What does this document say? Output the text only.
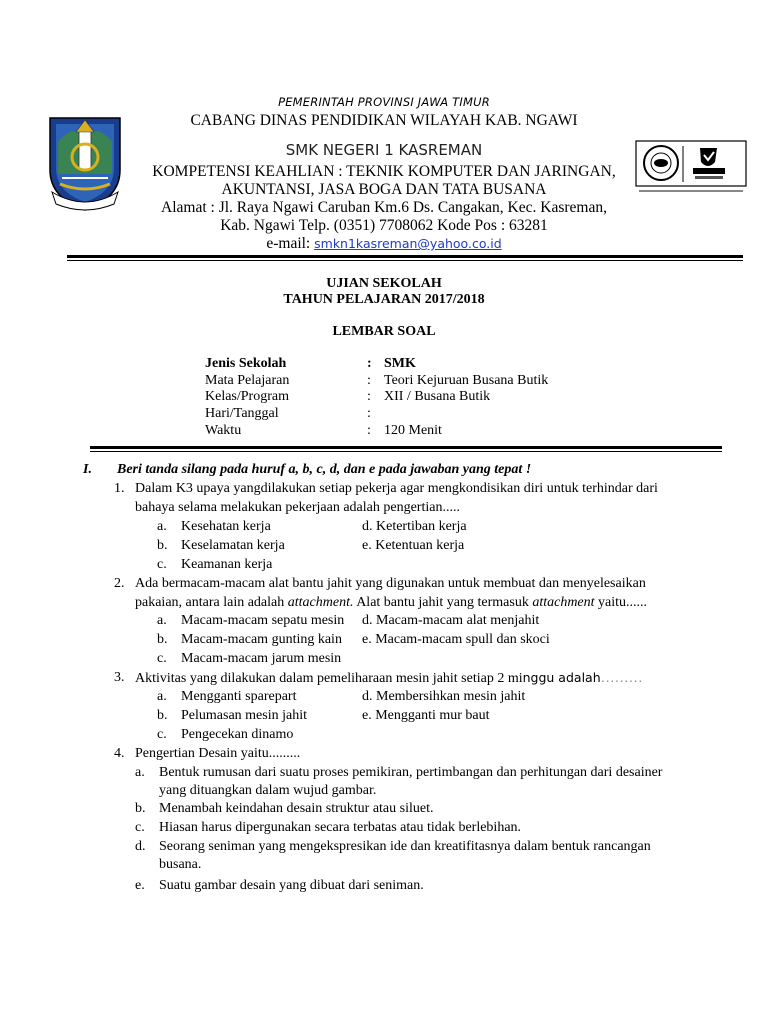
PEMERINTAH PROVINSI JAWA TIMUR
CABANG DINAS PENDIDIKAN WILAYAH KAB. NGAWI
SMK NEGERI 1 KASREMAN
KOMPETENSI KEAHLIAN : TEKNIK KOMPUTER DAN JARINGAN,
AKUNTANSI, JASA BOGA DAN TATA BUSANA
Alamat : Jl. Raya Ngawi Caruban Km.6 Ds. Cangakan, Kec. Kasreman,
Kab. Ngawi Telp. (0351) 7708062 Kode Pos : 63281
e-mail: smkn1kasreman@yahoo.co.id
UJIAN SEKOLAH
TAHUN PELAJARAN 2017/2018
LEMBAR SOAL
Jenis Sekolah	: SMK
Mata Pelajaran	: Teori Kejuruan Busana Butik
Kelas/Program	: XII / Busana Butik
Hari/Tanggal	:
Waktu	: 120 Menit
I. Beri tanda silang pada huruf a, b, c, d, dan e pada jawaban yang tepat !
1. Dalam K3 upaya yangdilakukan setiap pekerja agar mengkondisikan diri untuk terhindar dari
bahaya selama melakukan pekerjaan adalah pengertian.....
a. Kesehatan kerja	d. Ketertiban kerja
b. Keselamatan kerja	e. Ketentuan kerja
c. Keamanan kerja
2. Ada bermacam-macam alat bantu jahit yang digunakan untuk membuat dan menyelesaikan
pakaian, antara lain adalah attachment. Alat bantu jahit yang termasuk attachment yaitu......
a. Macam-macam sepatu mesin d. Macam-macam alat menjahit
b. Macam-macam gunting kain e. Macam-macam spull dan skoci
c. Macam-macam jarum mesin
3. Aktivitas yang dilakukan dalam pemeliharaan mesin jahit setiap 2 minggu adalah………
a. Mengganti sparepart	d. Membersihkan mesin jahit
b. Pelumasan mesin jahit	e. Mengganti mur baut
c. Pengecekan dinamo
4. Pengertian Desain yaitu.........
a. Bentuk rumusan dari suatu proses pemikiran, pertimbangan dan perhitungan dari desainer
yang dituangkan dalam wujud gambar.
b. Menambah keindahan desain struktur atau siluet.
c. Hiasan harus dipergunakan secara terbatas atau tidak berlebihan.
d. Seorang seniman yang mengekspresikan ide dan kreatifitasnya dalam bentuk rancangan
busana.
e. Suatu gambar desain yang dibuat dari seniman.
